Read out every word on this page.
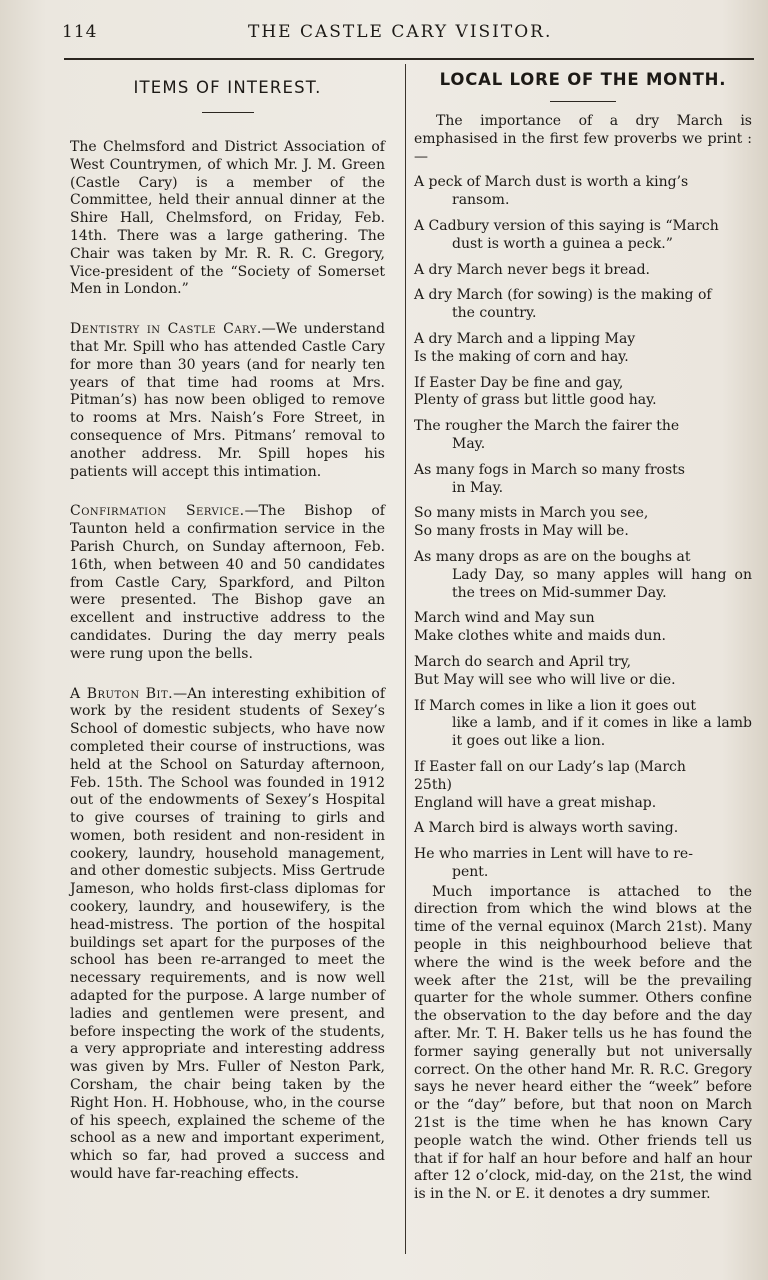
114	THE CASTLE CARY VISITOR.
ITEMS OF INTEREST.

The Chelmsford and District Association of West Countrymen, of which Mr. J. M. Green (Castle Cary) is a member of the Committee, held their annual dinner at the Shire Hall, Chelmsford, on Friday, Feb. 14th. There was a large gathering. The Chair was taken by Mr. R. R. C. Gregory, Vice-president of the “Society of Somerset Men in London.”

Dentistry in Castle Cary.—We understand that Mr. Spill who has attended Castle Cary for more than 30 years (and for nearly ten years of that time had rooms at Mrs. Pitman’s) has now been obliged to remove to rooms at Mrs. Naish’s Fore Street, in consequence of Mrs. Pitmans’ removal to another address. Mr. Spill hopes his patients will accept this intimation.

Confirmation Service.—The Bishop of Taunton held a confirmation service in the Parish Church, on Sunday afternoon, Feb. 16th, when between 40 and 50 candidates from Castle Cary, Sparkford, and Pilton were presented. The Bishop gave an excellent and instructive address to the candidates. During the day merry peals were rung upon the bells.

A Bruton Bit.—An interesting exhibition of work by the resident students of Sexey’s School of domestic subjects, who have now completed their course of instructions, was held at the School on Saturday afternoon, Feb. 15th. The School was founded in 1912 out of the endowments of Sexey’s Hospital to give courses of training to girls and women, both resident and non-resident in cookery, laundry, household management, and other domestic subjects. Miss Gertrude Jameson, who holds first-class diplomas for cookery, laundry, and housewifery, is the head-mistress. The portion of the hospital buildings set apart for the purposes of the school has been re-arranged to meet the necessary requirements, and is now well adapted for the purpose. A large number of ladies and gentlemen were present, and before inspecting the work of the students, a very appropriate and interesting address was given by Mrs. Fuller of Neston Park, Corsham, the chair being taken by the Right Hon. H. Hobhouse, who, in the course of his speech, explained the scheme of the school as a new and important experiment, which so far, had proved a success and would have far-reaching effects.

LOCAL LORE OF THE MONTH.

The importance of a dry March is emphasised in the first few proverbs we print :—

A peck of March dust is worth a king’s
ransom.

A Cadbury version of this saying is “March
dust is worth a guinea a peck.”

A dry March never begs it bread.

A dry March (for sowing) is the making of
the country.

A dry March and a lipping May
Is the making of corn and hay.

If Easter Day be fine and gay,
Plenty of grass but little good hay.

The rougher the March the fairer the
May.

As many fogs in March so many frosts
in May.

So many mists in March you see,
So many frosts in May will be.

As many drops as are on the boughs at
Lady Day, so many apples will hang on the trees on Mid-summer Day.

March wind and May sun
Make clothes white and maids dun.

March do search and April try,
But May will see who will live or die.

If March comes in like a lion it goes out
like a lamb, and if it comes in like a lamb it goes out like a lion.

If Easter fall on our Lady’s lap (March
25th)
England will have a great mishap.

A March bird is always worth saving.

He who marries in Lent will have to re-
pent.

Much importance is attached to the direction from which the wind blows at the time of the vernal equinox (March 21st). Many people in this neighbourhood believe that where the wind is the week before and the week after the 21st, will be the prevailing quarter for the whole summer. Others confine the observation to the day before and the day after. Mr. T. H. Baker tells us he has found the former saying generally but not universally correct. On the other hand Mr. R. R.C. Gregory says he never heard either the “week” before or the “day” before, but that noon on March 21st is the time when he has known Cary people watch the wind. Other friends tell us that if for half an hour before and half an hour after 12 o’clock, mid-day, on the 21st, the wind is in the N. or E. it denotes a dry summer.
